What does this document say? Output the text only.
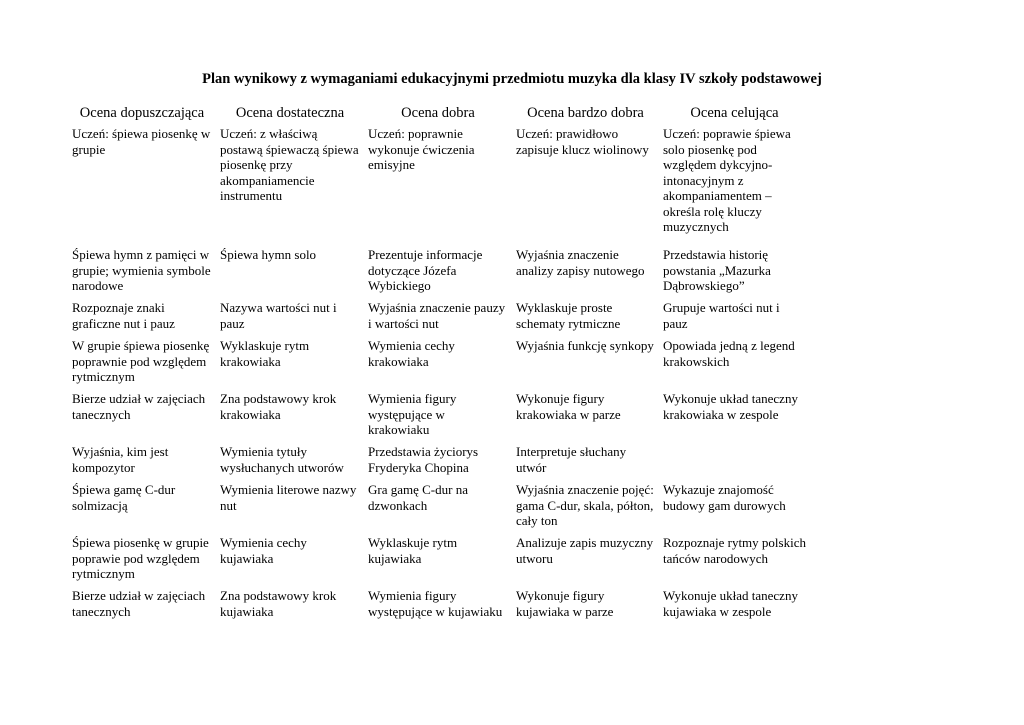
Plan wynikowy z wymaganiami edukacyjnymi przedmiotu muzyka dla klasy IV szkoły podstawowej
Ocena dopuszczająca	Ocena dostateczna	Ocena dobra	Ocena bardzo dobra	Ocena celująca
Uczeń: śpiewa piosenkę w grupie	Uczeń: z właściwą postawą śpiewaczą śpiewa piosenkę przy akompaniamencie instrumentu	Uczeń: poprawnie wykonuje ćwiczenia emisyjne	Uczeń: prawidłowo zapisuje klucz wiolinowy	Uczeń: poprawie śpiewa solo piosenkę pod względem dykcyjno-intonacyjnym z akompaniamentem – określa rolę kluczy muzycznych
Śpiewa hymn z pamięci w grupie; wymienia symbole narodowe	Śpiewa hymn solo	Prezentuje informacje dotyczące Józefa Wybickiego	Wyjaśnia znaczenie analizy zapisy nutowego	Przedstawia historię powstania „Mazurka Dąbrowskiego”
Rozpoznaje znaki graficzne nut i pauz	Nazywa wartości nut i pauz	Wyjaśnia znaczenie pauzy i wartości nut	Wyklaskuje proste schematy rytmiczne	Grupuje wartości nut i pauz
W grupie śpiewa piosenkę poprawnie pod względem rytmicznym	Wyklaskuje rytm krakowiaka	Wymienia cechy krakowiaka	Wyjaśnia funkcję synkopy	Opowiada jedną z legend krakowskich
Bierze udział w zajęciach tanecznych	Zna podstawowy krok krakowiaka	Wymienia figury występujące w krakowiaku	Wykonuje figury krakowiaka w parze	Wykonuje układ taneczny krakowiaka w zespole
Wyjaśnia, kim jest kompozytor	Wymienia tytuły wysłuchanych utworów	Przedstawia życiorys Fryderyka Chopina	Interpretuje słuchany utwór	
Śpiewa gamę C-dur solmizacją	Wymienia literowe nazwy nut	Gra gamę C-dur na dzwonkach	Wyjaśnia znaczenie pojęć: gama C-dur, skala, półton, cały ton	Wykazuje znajomość budowy gam durowych
Śpiewa piosenkę w grupie poprawie pod względem rytmicznym	Wymienia cechy kujawiaka	Wyklaskuje rytm kujawiaka	Analizuje zapis muzyczny utworu	Rozpoznaje rytmy polskich tańców narodowych
Bierze udział w zajęciach tanecznych	Zna podstawowy krok kujawiaka	Wymienia figury występujące w kujawiaku	Wykonuje figury kujawiaka w parze	Wykonuje układ taneczny kujawiaka w zespole
